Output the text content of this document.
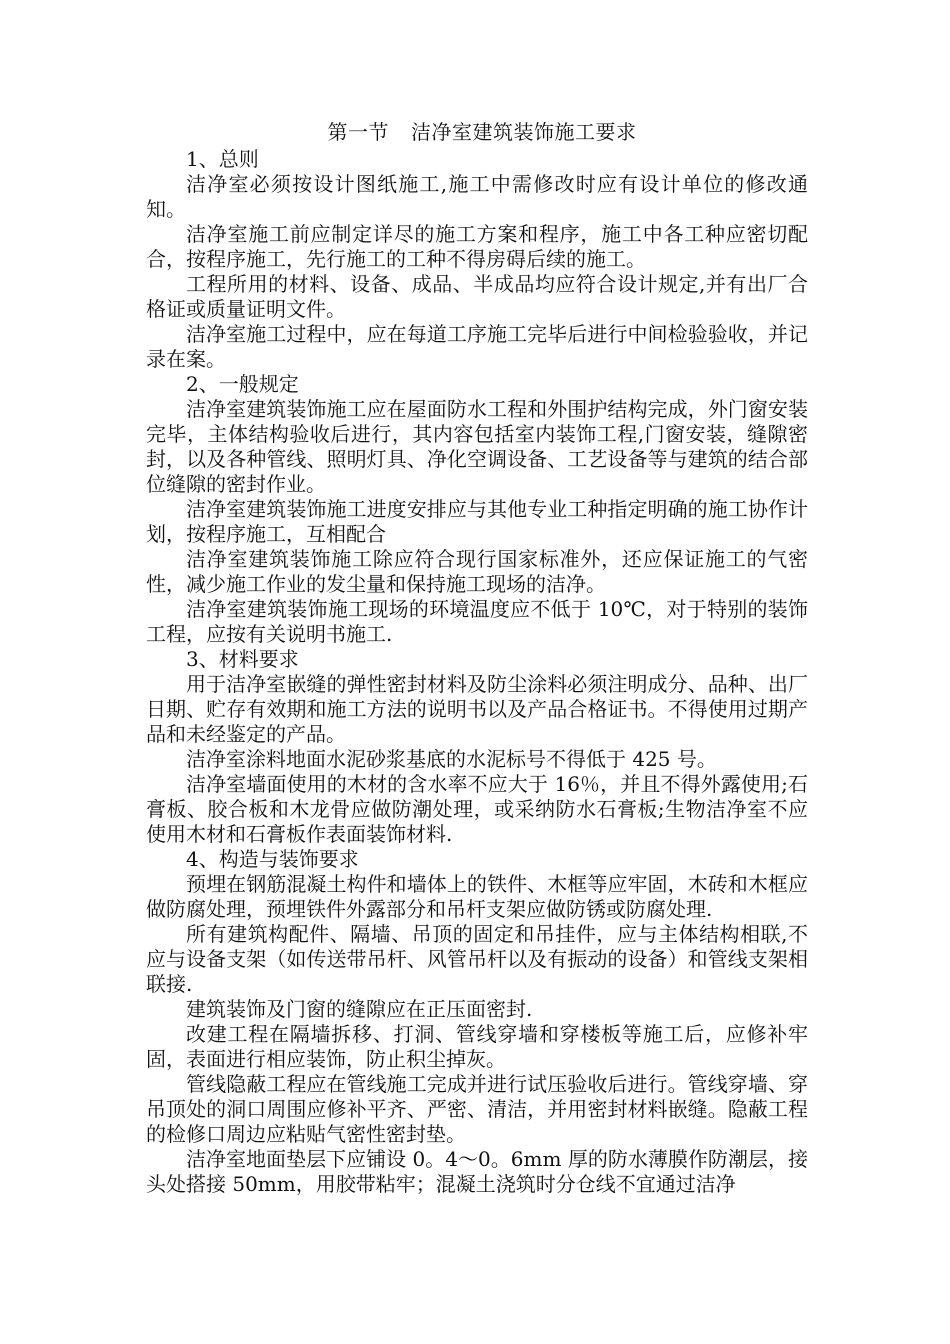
第一节 洁净室建筑装饰施工要求

1、总则

洁净室必须按设计图纸施工,施工中需修改时应有设计单位的修改通知。

洁净室施工前应制定详尽的施工方案和程序，施工中各工种应密切配合，按程序施工，先行施工的工种不得房碍后续的施工。

工程所用的材料、设备、成品、半成品均应符合设计规定,并有出厂合格证或质量证明文件。

洁净室施工过程中，应在每道工序施工完毕后进行中间检验验收，并记录在案。

2、一般规定

洁净室建筑装饰施工应在屋面防水工程和外围护结构完成，外门窗安装完毕，主体结构验收后进行，其内容包括室内装饰工程,门窗安装，缝隙密封，以及各种管线、照明灯具、净化空调设备、工艺设备等与建筑的结合部位缝隙的密封作业。

洁净室建筑装饰施工进度安排应与其他专业工种指定明确的施工协作计划，按程序施工，互相配合

洁净室建筑装饰施工除应符合现行国家标准外，还应保证施工的气密性，减少施工作业的发尘量和保持施工现场的洁净。

洁净室建筑装饰施工现场的环境温度应不低于 10℃，对于特别的装饰工程，应按有关说明书施工.

3、材料要求

用于洁净室嵌缝的弹性密封材料及防尘涂料必须注明成分、品种、出厂日期、贮存有效期和施工方法的说明书以及产品合格证书。不得使用过期产品和未经鉴定的产品。

洁净室涂料地面水泥砂浆基底的水泥标号不得低于 425 号。

洁净室墙面使用的木材的含水率不应大于 16％，并且不得外露使用;石膏板、胶合板和木龙骨应做防潮处理，或采纳防水石膏板;生物洁净室不应使用木材和石膏板作表面装饰材料.

4、构造与装饰要求

预埋在钢筋混凝土构件和墙体上的铁件、木框等应牢固，木砖和木框应做防腐处理，预埋铁件外露部分和吊杆支架应做防锈或防腐处理.

所有建筑构配件、隔墙、吊顶的固定和吊挂件，应与主体结构相联,不应与设备支架（如传送带吊杆、风管吊杆以及有振动的设备）和管线支架相联接.

建筑装饰及门窗的缝隙应在正压面密封.

改建工程在隔墙拆移、打洞、管线穿墙和穿楼板等施工后，应修补牢固，表面进行相应装饰，防止积尘掉灰。

管线隐蔽工程应在管线施工完成并进行试压验收后进行。管线穿墙、穿吊顶处的洞口周围应修补平齐、严密、清洁，并用密封材料嵌缝。隐蔽工程的检修口周边应粘贴气密性密封垫。

洁净室地面垫层下应铺设 0。4～0。6mm 厚的防水薄膜作防潮层，接头处搭接 50mm，用胶带粘牢；混凝土浇筑时分仓线不宜通过洁净
